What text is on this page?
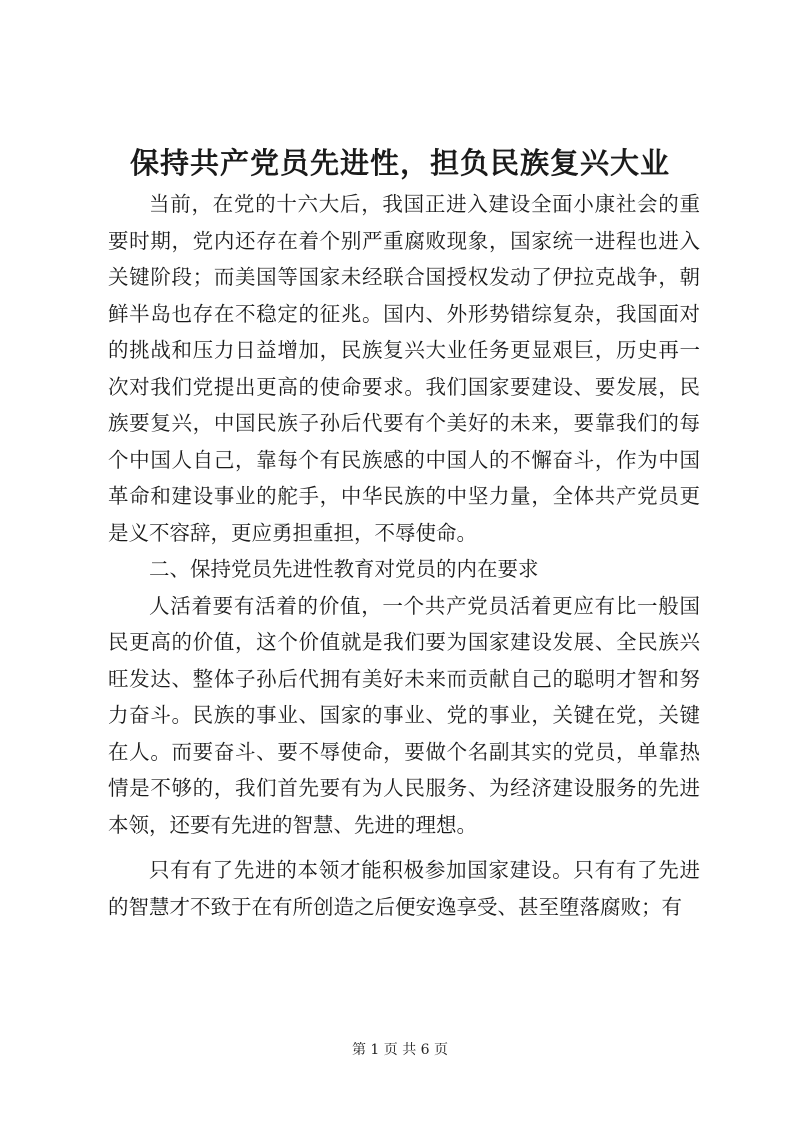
保持共产党员先进性，担负民族复兴大业

当前，在党的十六大后，我国正进入建设全面小康社会的重要时期，党内还存在着个别严重腐败现象，国家统一进程也进入关键阶段；而美国等国家未经联合国授权发动了伊拉克战争，朝鲜半岛也存在不稳定的征兆。国内、外形势错综复杂，我国面对的挑战和压力日益增加，民族复兴大业任务更显艰巨，历史再一次对我们党提出更高的使命要求。我们国家要建设、要发展，民族要复兴，中国民族子孙后代要有个美好的未来，要靠我们的每个中国人自己，靠每个有民族感的中国人的不懈奋斗，作为中国革命和建设事业的舵手，中华民族的中坚力量，全体共产党员更是义不容辞，更应勇担重担，不辱使命。

二、保持党员先进性教育对党员的内在要求

人活着要有活着的价值，一个共产党员活着更应有比一般国民更高的价值，这个价值就是我们要为国家建设发展、全民族兴旺发达、整体子孙后代拥有美好未来而贡献自己的聪明才智和努力奋斗。民族的事业、国家的事业、党的事业，关键在党，关键在人。而要奋斗、要不辱使命，要做个名副其实的党员，单靠热情是不够的，我们首先要有为人民服务、为经济建设服务的先进本领，还要有先进的智慧、先进的理想。

只有有了先进的本领才能积极参加国家建设。只有有了先进的智慧才不致于在有所创造之后便安逸享受、甚至堕落腐败；有

第 1 页 共 6 页
